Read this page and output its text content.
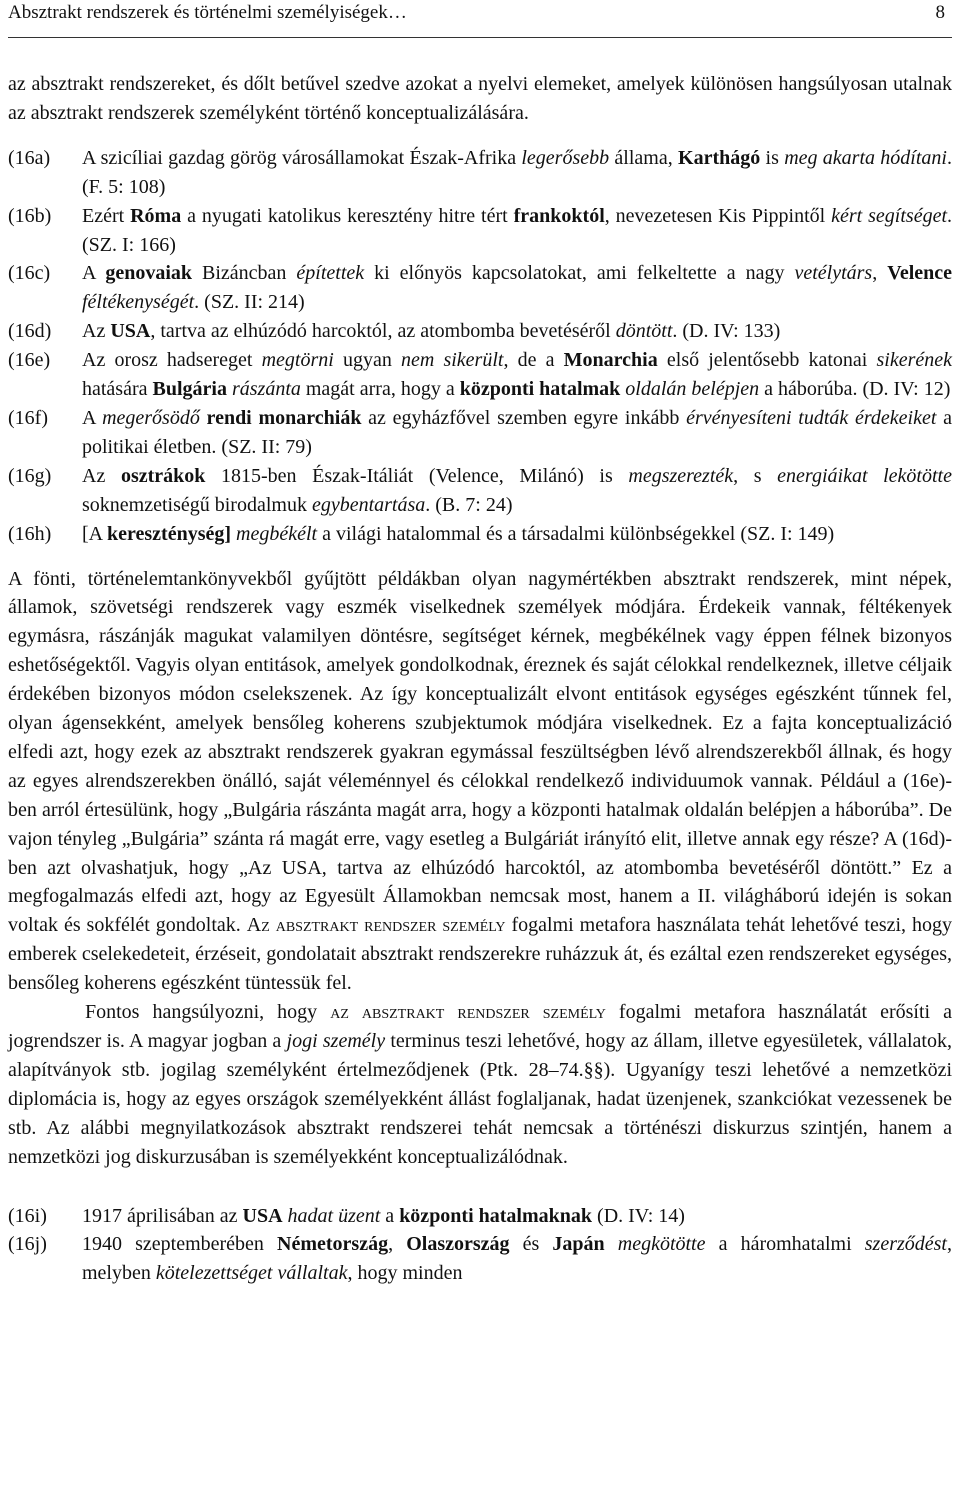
Absztrakt rendszerek és történelmi személyiségek…	8

az absztrakt rendszereket, és dőlt betűvel szedve azokat a nyelvi elemeket, amelyek különösen hangsúlyosan utalnak az absztrakt rendszerek személyként történő konceptualizálására.

(16a)	A szicíliai gazdag görög városállamokat Észak-Afrika legerősebb állama, Karthágó is meg akarta hódítani. (F. 5: 108)
(16b)	Ezért Róma a nyugati katolikus keresztény hitre tért frankoktól, nevezetesen Kis Pippintől kért segítséget. (SZ. I: 166)
(16c)	A genovaiak Bizáncban építettek ki előnyös kapcsolatokat, ami felkeltette a nagy vetélytárs, Velence féltékenységét. (SZ. II: 214)
(16d)	Az USA, tartva az elhúzódó harcoktól, az atombomba bevetéséről döntött. (D. IV: 133)
(16e)	Az orosz hadsereget megtörni ugyan nem sikerült, de a Monarchia első jelentősebb katonai sikerének hatására Bulgária rászánta magát arra, hogy a központi hatalmak oldalán belépjen a háborúba. (D. IV: 12)
(16f)	A megerősödő rendi monarchiák az egyházfővel szemben egyre inkább érvényesíteni tudták érdekeiket a politikai életben. (SZ. II: 79)
(16g)	Az osztrákok 1815-ben Észak-Itáliát (Velence, Milánó) is megszerezték, s energiáikat lekötötte soknemzetiségű birodalmuk egybentartása. (B. 7: 24)
(16h)	[A kereszténység] megbékélt a világi hatalommal és a társadalmi különbségekkel (SZ. I: 149)

A fönti, történelemtankönyvekből gyűjtött példákban olyan nagymértékben absztrakt rendszerek, mint népek, államok, szövetségi rendszerek vagy eszmék viselkednek személyek módjára. Érdekeik vannak, féltékenyek egymásra, rászánják magukat valamilyen döntésre, segítséget kérnek, megbékélnek vagy éppen félnek bizonyos eshetőségektől. Vagyis olyan entitások, amelyek gondolkodnak, éreznek és saját célokkal rendelkeznek, illetve céljaik érdekében bizonyos módon cselekszenek. Az így konceptualizált elvont entitások egységes egészként tűnnek fel, olyan ágensekként, amelyek bensőleg koherens szubjektumok módjára viselkednek. Ez a fajta konceptualizáció elfedi azt, hogy ezek az absztrakt rendszerek gyakran egymással feszültségben lévő alrendszerekből állnak, és hogy az egyes alrendszerekben önálló, saját véleménnyel és célokkal rendelkező individuumok vannak. Például a (16e)-ben arról értesülünk, hogy „Bulgária rászánta magát arra, hogy a központi hatalmak oldalán belépjen a háborúba”. De vajon tényleg „Bulgária” szánta rá magát erre, vagy esetleg a Bulgáriát irányító elit, illetve annak egy része? A (16d)-ben azt olvashatjuk, hogy „Az USA, tartva az elhúzódó harcoktól, az atombomba bevetéséről döntött.” Ez a megfogalmazás elfedi azt, hogy az Egyesült Államokban nemcsak most, hanem a II. világháború idején is sokan voltak és sokfélét gondoltak. Az absztrakt rendszer személy fogalmi metafora használata tehát lehetővé teszi, hogy emberek cselekedeteit, érzéseit, gondolatait absztrakt rendszerekre ruházzuk át, és ezáltal ezen rendszereket egységes, bensőleg koherens egészként tüntessük fel.

Fontos hangsúlyozni, hogy az absztrakt rendszer személy fogalmi metafora használatát erősíti a jogrendszer is. A magyar jogban a jogi személy terminus teszi lehetővé, hogy az állam, illetve egyesületek, vállalatok, alapítványok stb. jogilag személyként értelmeződjenek (Ptk. 28–74.§§). Ugyanígy teszi lehetővé a nemzetközi diplomácia is, hogy az egyes országok személyekként állást foglaljanak, hadat üzenjenek, szankciókat vezessenek be stb. Az alábbi megnyilatkozások absztrakt rendszerei tehát nemcsak a történészi diskurzus szintjén, hanem a nemzetközi jog diskurzusában is személyekként konceptualizálódnak.

(16i)	1917 áprilisában az USA hadat üzent a központi hatalmaknak (D. IV: 14)
(16j)	1940 szeptemberében Németország, Olaszország és Japán megkötötte a háromhatalmi szerződést, melyben kötelezettséget vállaltak, hogy minden
